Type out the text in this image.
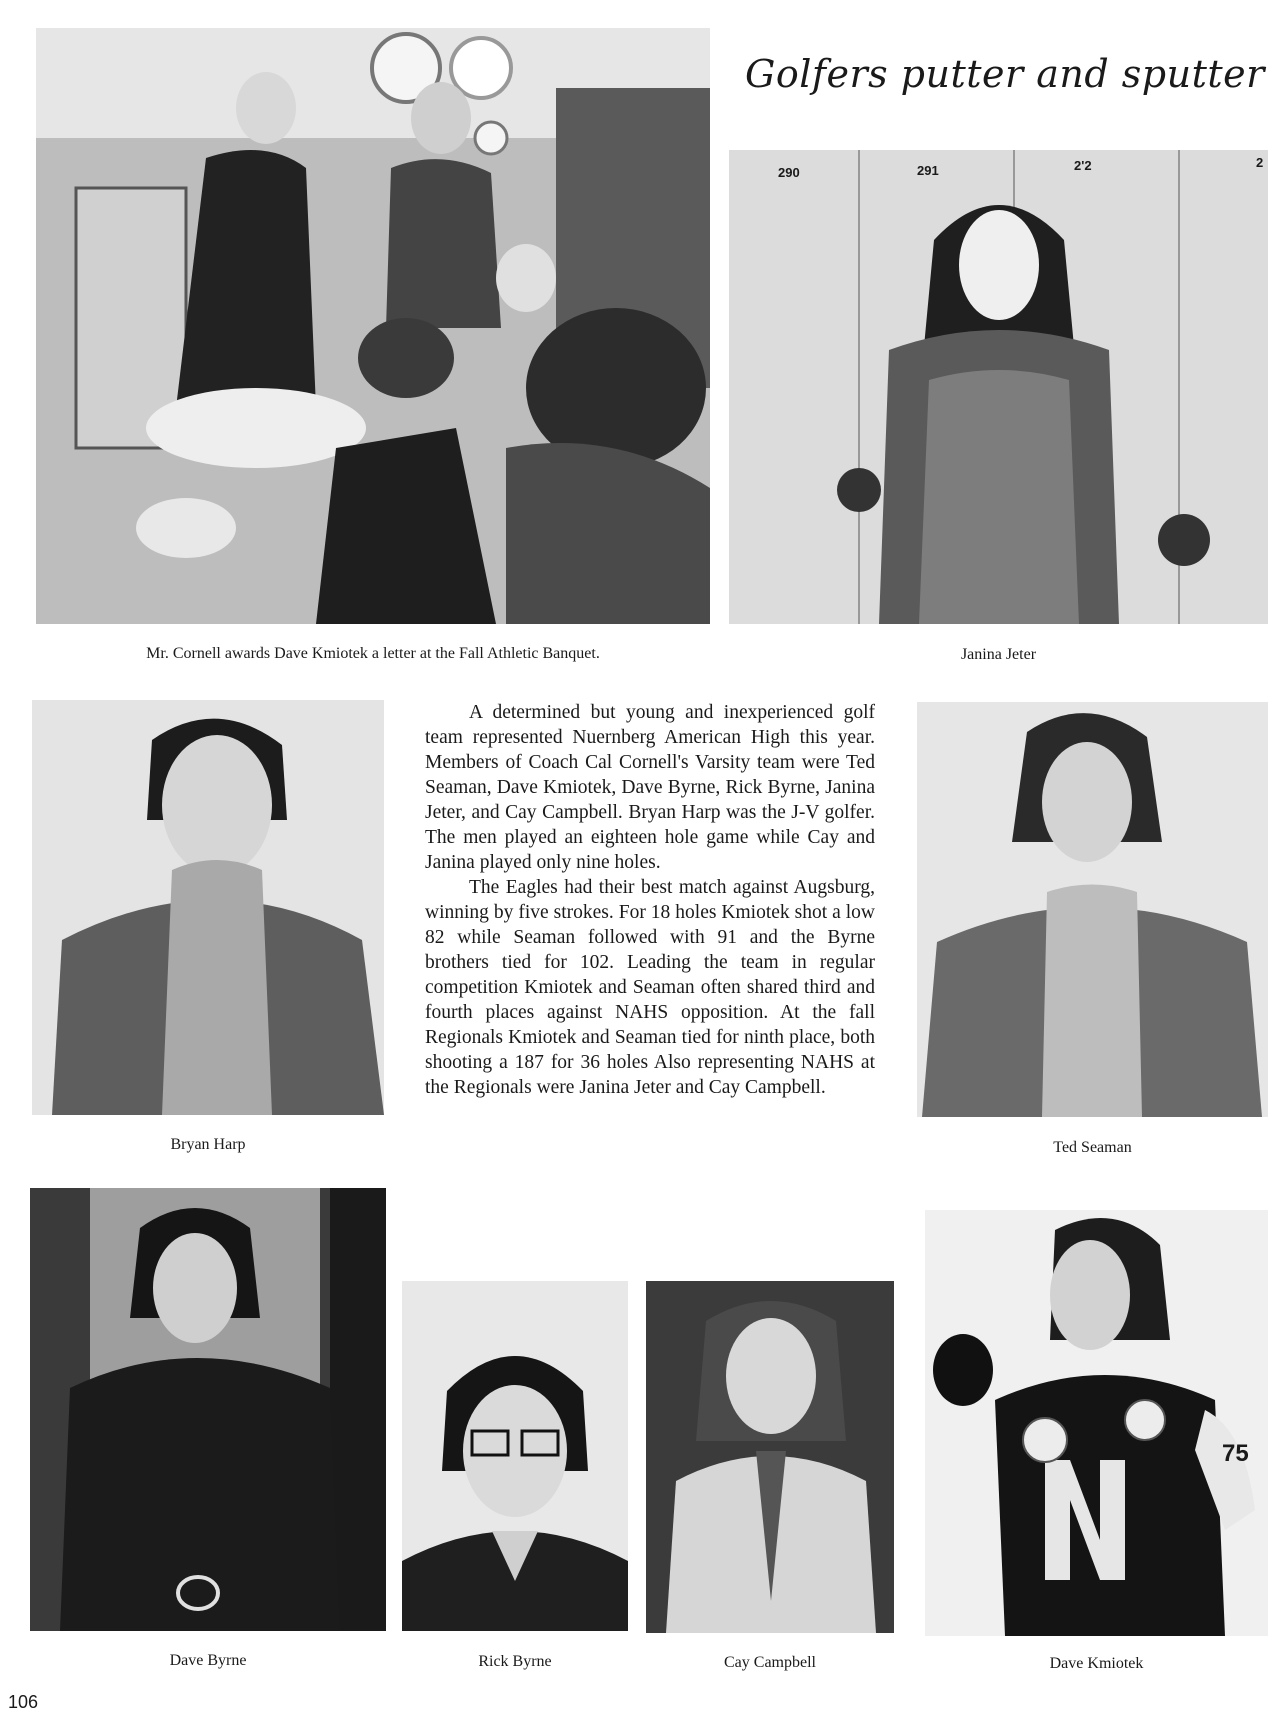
Golfers putter and sputter
Mr. Cornell awards Dave Kmiotek a letter at the Fall Athletic Banquet.	Janina Jeter
290	291	2'2	2
Bryan Harp

A determined but young and inexperienced golf team represented Nuernberg American High this year. Members of Coach Cal Cornell's Varsity team were Ted Seaman, Dave Kmiotek, Dave Byrne, Rick Byrne, Janina Jeter, and Cay Campbell. Bryan Harp was the J-V golfer. The men played an eighteen hole game while Cay and Janina played only nine holes.

The Eagles had their best match against Augsburg, winning by five strokes. For 18 holes Kmiotek shot a low 82 while Seaman followed with 91 and the Byrne brothers tied for 102. Leading the team in regular competition Kmiotek and Seaman often shared third and fourth places against NAHS opposition. At the fall Regionals Kmiotek and Seaman tied for ninth place, both shooting a 187 for 36 holes Also representing NAHS at the Regionals were Janina Jeter and Cay Campbell.

Ted Seaman
Dave Byrne	Rick Byrne	Cay Campbell
75
Dave Kmiotek
106
